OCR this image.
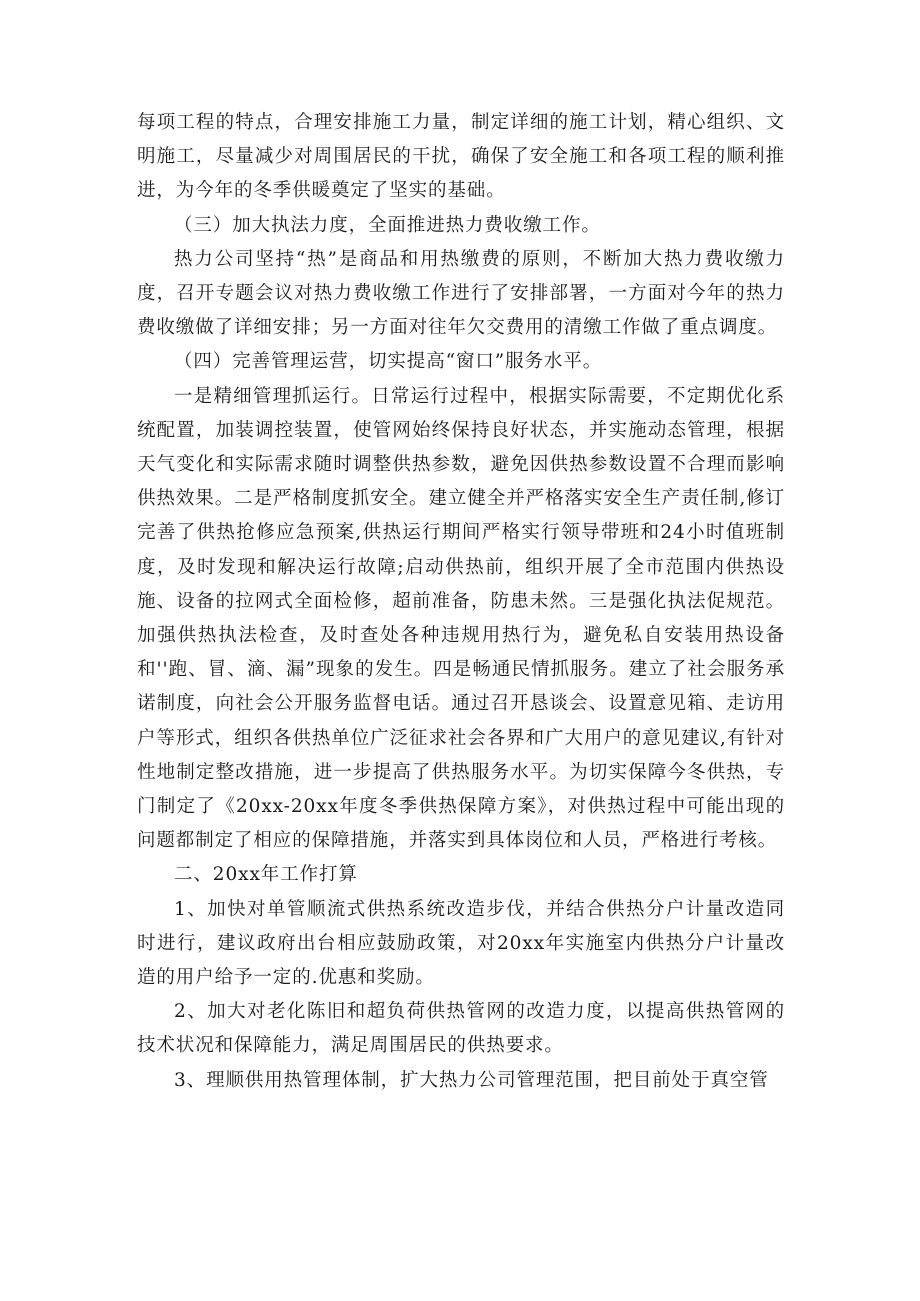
每项工程的特点，合理安排施工力量，制定详细的施工计划，精心组织、文明施工，尽量减少对周围居民的干扰，确保了安全施工和各项工程的顺利推进，为今年的冬季供暖奠定了坚实的基础。

（三）加大执法力度，全面推进热力费收缴工作。

热力公司坚持“热”是商品和用热缴费的原则，不断加大热力费收缴力度，召开专题会议对热力费收缴工作进行了安排部署，一方面对今年的热力费收缴做了详细安排；另一方面对往年欠交费用的清缴工作做了重点调度。

（四）完善管理运营，切实提高“窗口”服务水平。

一是精细管理抓运行。日常运行过程中，根据实际需要，不定期优化系统配置，加装调控装置，使管网始终保持良好状态，并实施动态管理，根据天气变化和实际需求随时调整供热参数，避免因供热参数设置不合理而影响供热效果。二是严格制度抓安全。建立健全并严格落实安全生产责任制,修订完善了供热抢修应急预案,供热运行期间严格实行领导带班和24小时值班制度，及时发现和解决运行故障;启动供热前，组织开展了全市范围内供热设施、设备的拉网式全面检修，超前准备，防患未然。三是强化执法促规范。加强供热执法检查，及时查处各种违规用热行为，避免私自安装用热设备和''跑、冒、滴、漏”现象的发生。四是畅通民情抓服务。建立了社会服务承诺制度，向社会公开服务监督电话。通过召开恳谈会、设置意见箱、走访用户等形式，组织各供热单位广泛征求社会各界和广大用户的意见建议,有针对性地制定整改措施，进一步提高了供热服务水平。为切实保障今冬供热，专门制定了《20xx-20xx年度冬季供热保障方案》，对供热过程中可能出现的问题都制定了相应的保障措施，并落实到具体岗位和人员，严格进行考核。

二、20xx年工作打算

1、加快对单管顺流式供热系统改造步伐，并结合供热分户计量改造同时进行，建议政府出台相应鼓励政策，对20xx年实施室内供热分户计量改造的用户给予一定的.优惠和奖励。

2、加大对老化陈旧和超负荷供热管网的改造力度，以提高供热管网的技术状况和保障能力，满足周围居民的供热要求。

3、理顺供用热管理体制，扩大热力公司管理范围，把目前处于真空管
